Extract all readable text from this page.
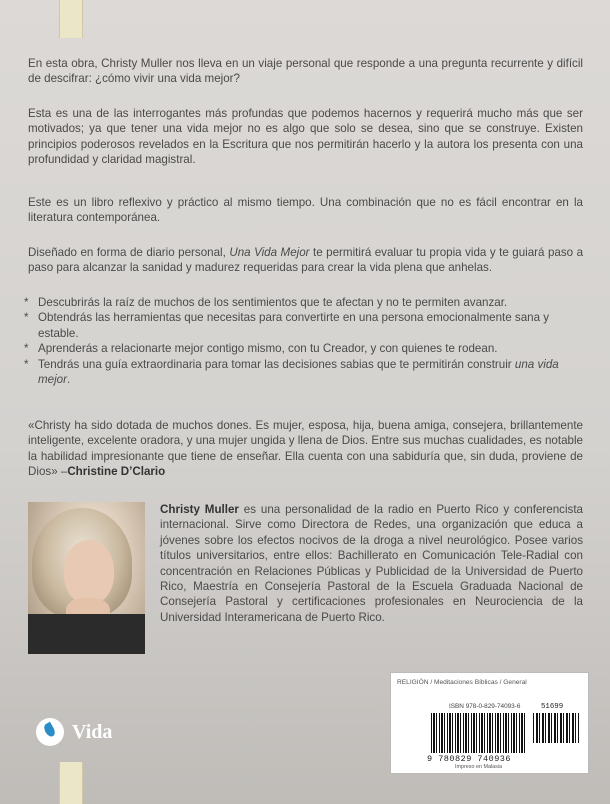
En esta obra, Christy Muller nos lleva en un viaje personal que responde a una pregunta recurrente y difícil de descifrar: ¿cómo vivir una vida mejor?

Esta es una de las interrogantes más profundas que podemos hacernos y requerirá mucho más que ser motivados; ya que tener una vida mejor no es algo que solo se desea, sino que se construye. Existen principios poderosos revelados en la Escritura que nos permitirán hacerlo y la autora los presenta con una profundidad y claridad magistral.

Este es un libro reflexivo y práctico al mismo tiempo. Una combinación que no es fácil encontrar en la literatura contemporánea.

Diseñado en forma de diario personal, Una Vida Mejor te permitirá evaluar tu propia vida y te guiará paso a paso para alcanzar la sanidad y madurez requeridas para crear la vida plena que anhelas.

* Descubrirás la raíz de muchos de los sentimientos que te afectan y no te permiten avanzar.
* Obtendrás las herramientas que necesitas para convertirte en una persona emocionalmente sana y estable.
* Aprenderás a relacionarte mejor contigo mismo, con tu Creador, y con quienes te rodean.
* Tendrás una guía extraordinaria para tomar las decisiones sabias que te permitirán construir una vida mejor.

«Christy ha sido dotada de muchos dones. Es mujer, esposa, hija, buena amiga, consejera, brillantemente inteligente, excelente oradora, y una mujer ungida y llena de Dios. Entre sus muchas cualidades, es notable la habilidad impresionante que tiene de enseñar. Ella cuenta con una sabiduría que, sin duda, proviene de Dios» –Christine D’Clario

Christy Muller es una personalidad de la radio en Puerto Rico y conferencista internacional. Sirve como Directora de Redes, una organización que educa a jóvenes sobre los efectos nocivos de la droga a nivel neurológico. Posee varios títulos universitarios, entre ellos: Bachillerato en Comunicación Tele-Radial con concentración en Relaciones Públicas y Publicidad de la Universidad de Puerto Rico, Maestría en Consejería Pastoral de la Escuela Graduada Nacional de Consejería Pastoral y certificaciones profesionales en Neurociencia de la Universidad Interamericana de Puerto Rico.

Vida
RELIGIÓN / Meditaciones Bíblicas / General
ISBN 978-0-829-74093-6	51699
9 780829 740936
Impreso en Malasia
